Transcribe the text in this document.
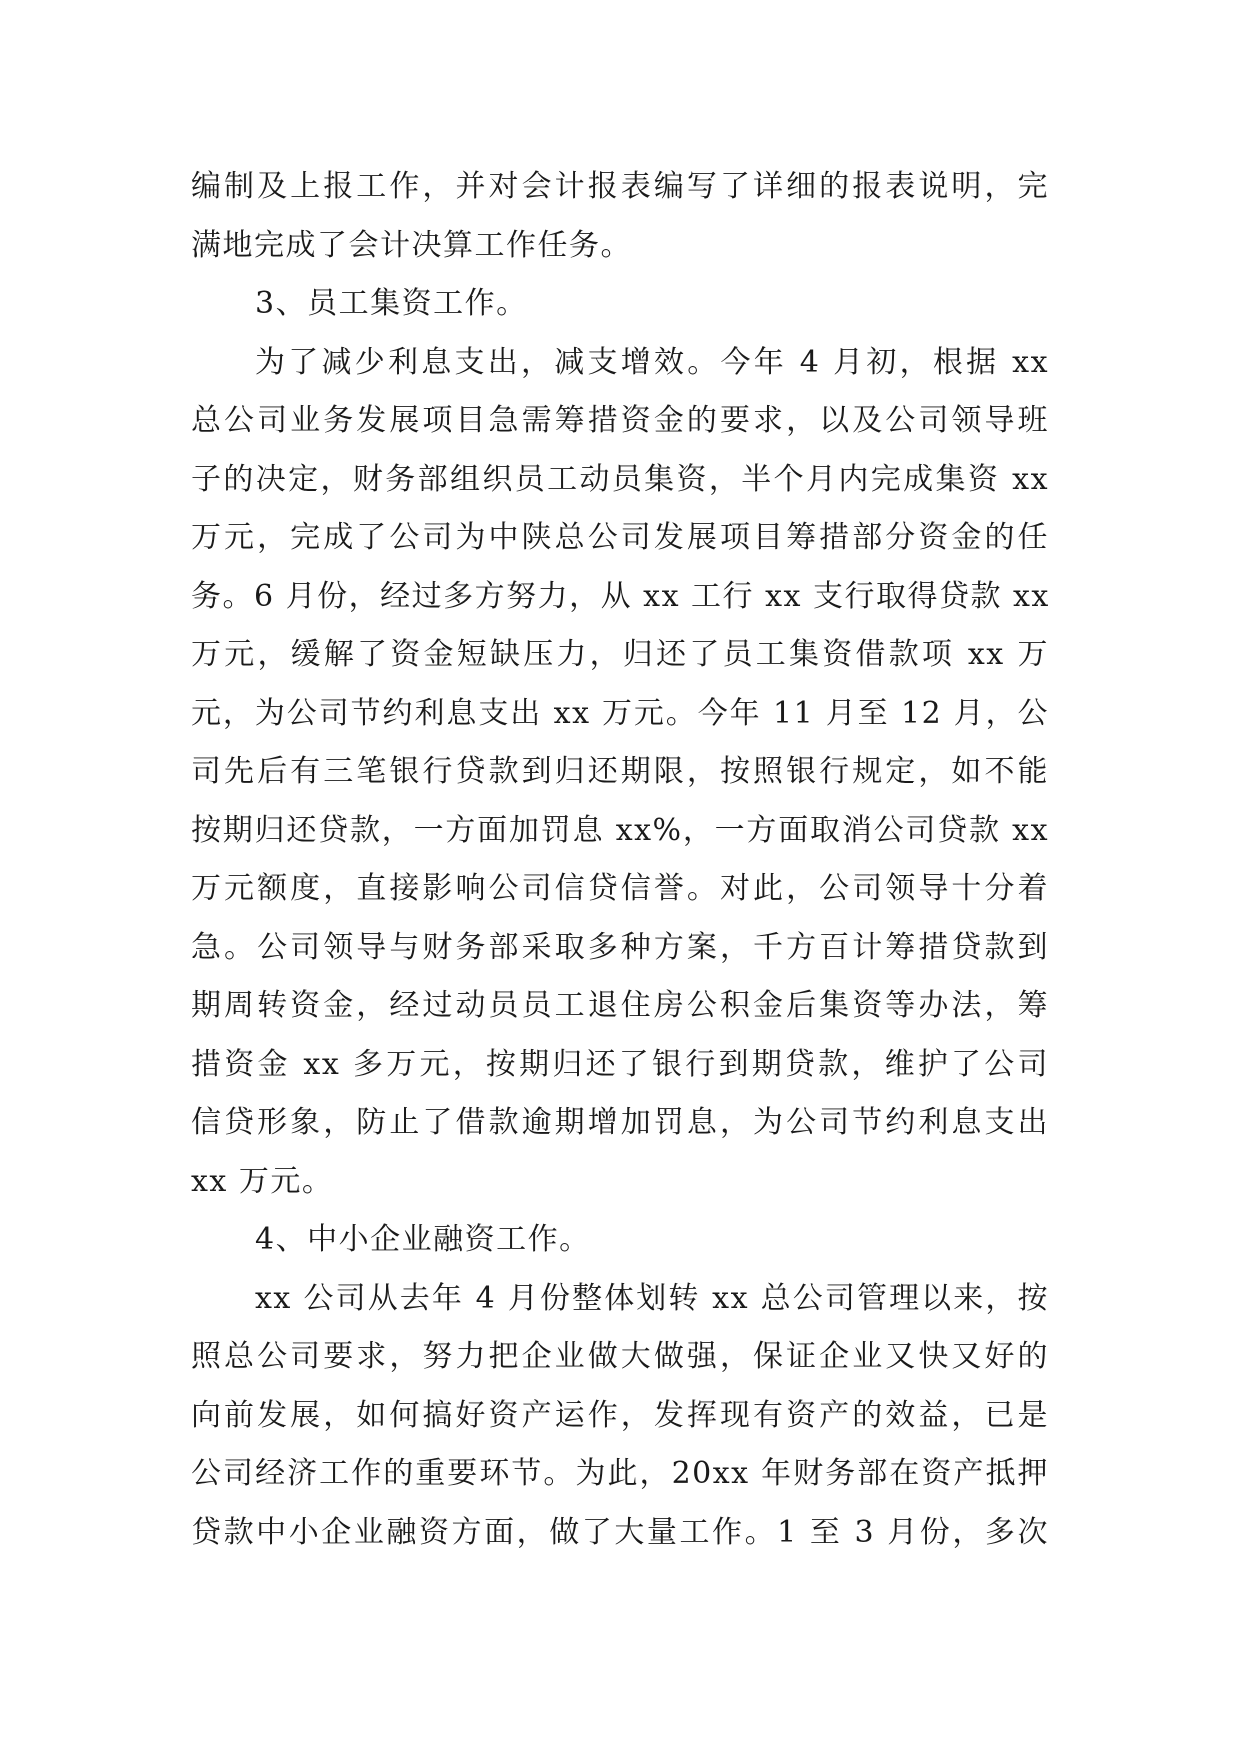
编制及上报工作，并对会计报表编写了详细的报表说明，完
满地完成了会计决算工作任务。
3、员工集资工作。
为了减少利息支出，减支增效。今年 4 月初，根据 xx
总公司业务发展项目急需筹措资金的要求，以及公司领导班
子的决定，财务部组织员工动员集资，半个月内完成集资 xx
万元，完成了公司为中陕总公司发展项目筹措部分资金的任
务。6 月份，经过多方努力，从 xx 工行 xx 支行取得贷款 xx
万元，缓解了资金短缺压力，归还了员工集资借款项 xx 万
元，为公司节约利息支出 xx 万元。今年 11 月至 12 月，公
司先后有三笔银行贷款到归还期限，按照银行规定，如不能
按期归还贷款，一方面加罚息 xx%，一方面取消公司贷款 xx
万元额度，直接影响公司信贷信誉。对此，公司领导十分着
急。公司领导与财务部采取多种方案，千方百计筹措贷款到
期周转资金，经过动员员工退住房公积金后集资等办法，筹
措资金 xx 多万元，按期归还了银行到期贷款，维护了公司
信贷形象，防止了借款逾期增加罚息，为公司节约利息支出
xx 万元。
4、中小企业融资工作。
xx 公司从去年 4 月份整体划转 xx 总公司管理以来，按
照总公司要求，努力把企业做大做强，保证企业又快又好的
向前发展，如何搞好资产运作，发挥现有资产的效益，已是
公司经济工作的重要环节。为此，20xx 年财务部在资产抵押
贷款中小企业融资方面，做了大量工作。1 至 3 月份，多次
